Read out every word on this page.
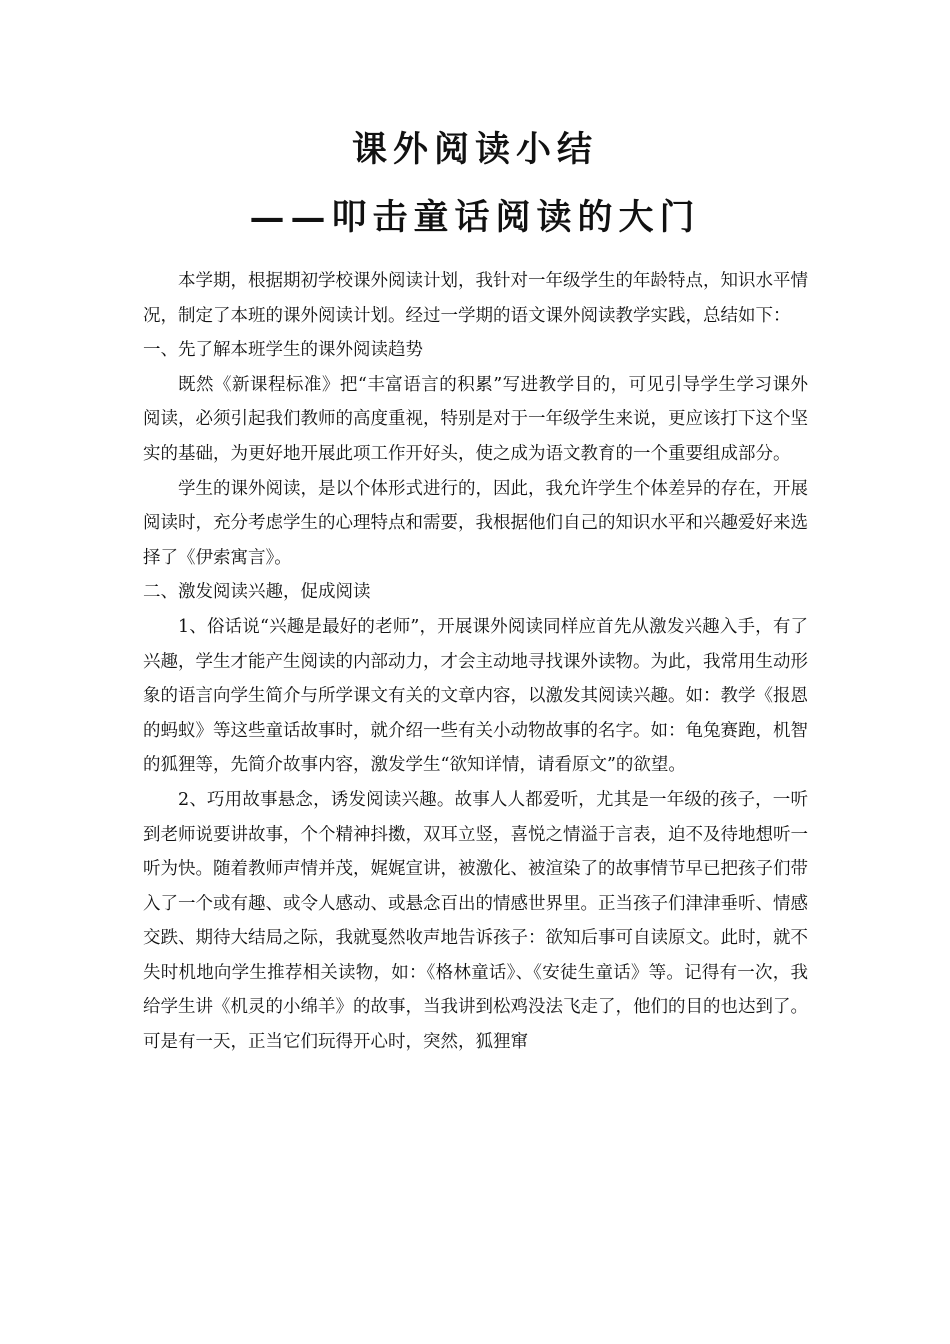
课外阅读小结
——叩击童话阅读的大门

本学期，根据期初学校课外阅读计划，我针对一年级学生的年龄特点，知识水平情况，制定了本班的课外阅读计划。经过一学期的语文课外阅读教学实践，总结如下：

一、先了解本班学生的课外阅读趋势

既然《新课程标准》把“丰富语言的积累”写进教学目的，可见引导学生学习课外阅读，必须引起我们教师的高度重视，特别是对于一年级学生来说，更应该打下这个坚实的基础，为更好地开展此项工作开好头，使之成为语文教育的一个重要组成部分。

学生的课外阅读，是以个体形式进行的，因此，我允许学生个体差异的存在，开展阅读时，充分考虑学生的心理特点和需要，我根据他们自己的知识水平和兴趣爱好来选择了《伊索寓言》。

二、激发阅读兴趣，促成阅读

1、俗话说“兴趣是最好的老师”，开展课外阅读同样应首先从激发兴趣入手，有了兴趣，学生才能产生阅读的内部动力，才会主动地寻找课外读物。为此，我常用生动形象的语言向学生简介与所学课文有关的文章内容，以激发其阅读兴趣。如：教学《报恩的蚂蚁》等这些童话故事时，就介绍一些有关小动物故事的名字。如：龟兔赛跑，机智的狐狸等，先简介故事内容，激发学生“欲知详情，请看原文”的欲望。

2、巧用故事悬念，诱发阅读兴趣。故事人人都爱听，尤其是一年级的孩子，一听到老师说要讲故事，个个精神抖擞，双耳立竖，喜悦之情溢于言表，迫不及待地想听一听为快。随着教师声情并茂，娓娓宣讲，被激化、被渲染了的故事情节早已把孩子们带入了一个或有趣、或令人感动、或悬念百出的情感世界里。正当孩子们津津垂听、情感交跌、期待大结局之际，我就戛然收声地告诉孩子：欲知后事可自读原文。此时，就不失时机地向学生推荐相关读物，如：《格林童话》、《安徒生童话》等。记得有一次，我给学生讲《机灵的小绵羊》的故事，当我讲到松鸡没法飞走了，他们的目的也达到了。可是有一天，正当它们玩得开心时，突然，狐狸窜
